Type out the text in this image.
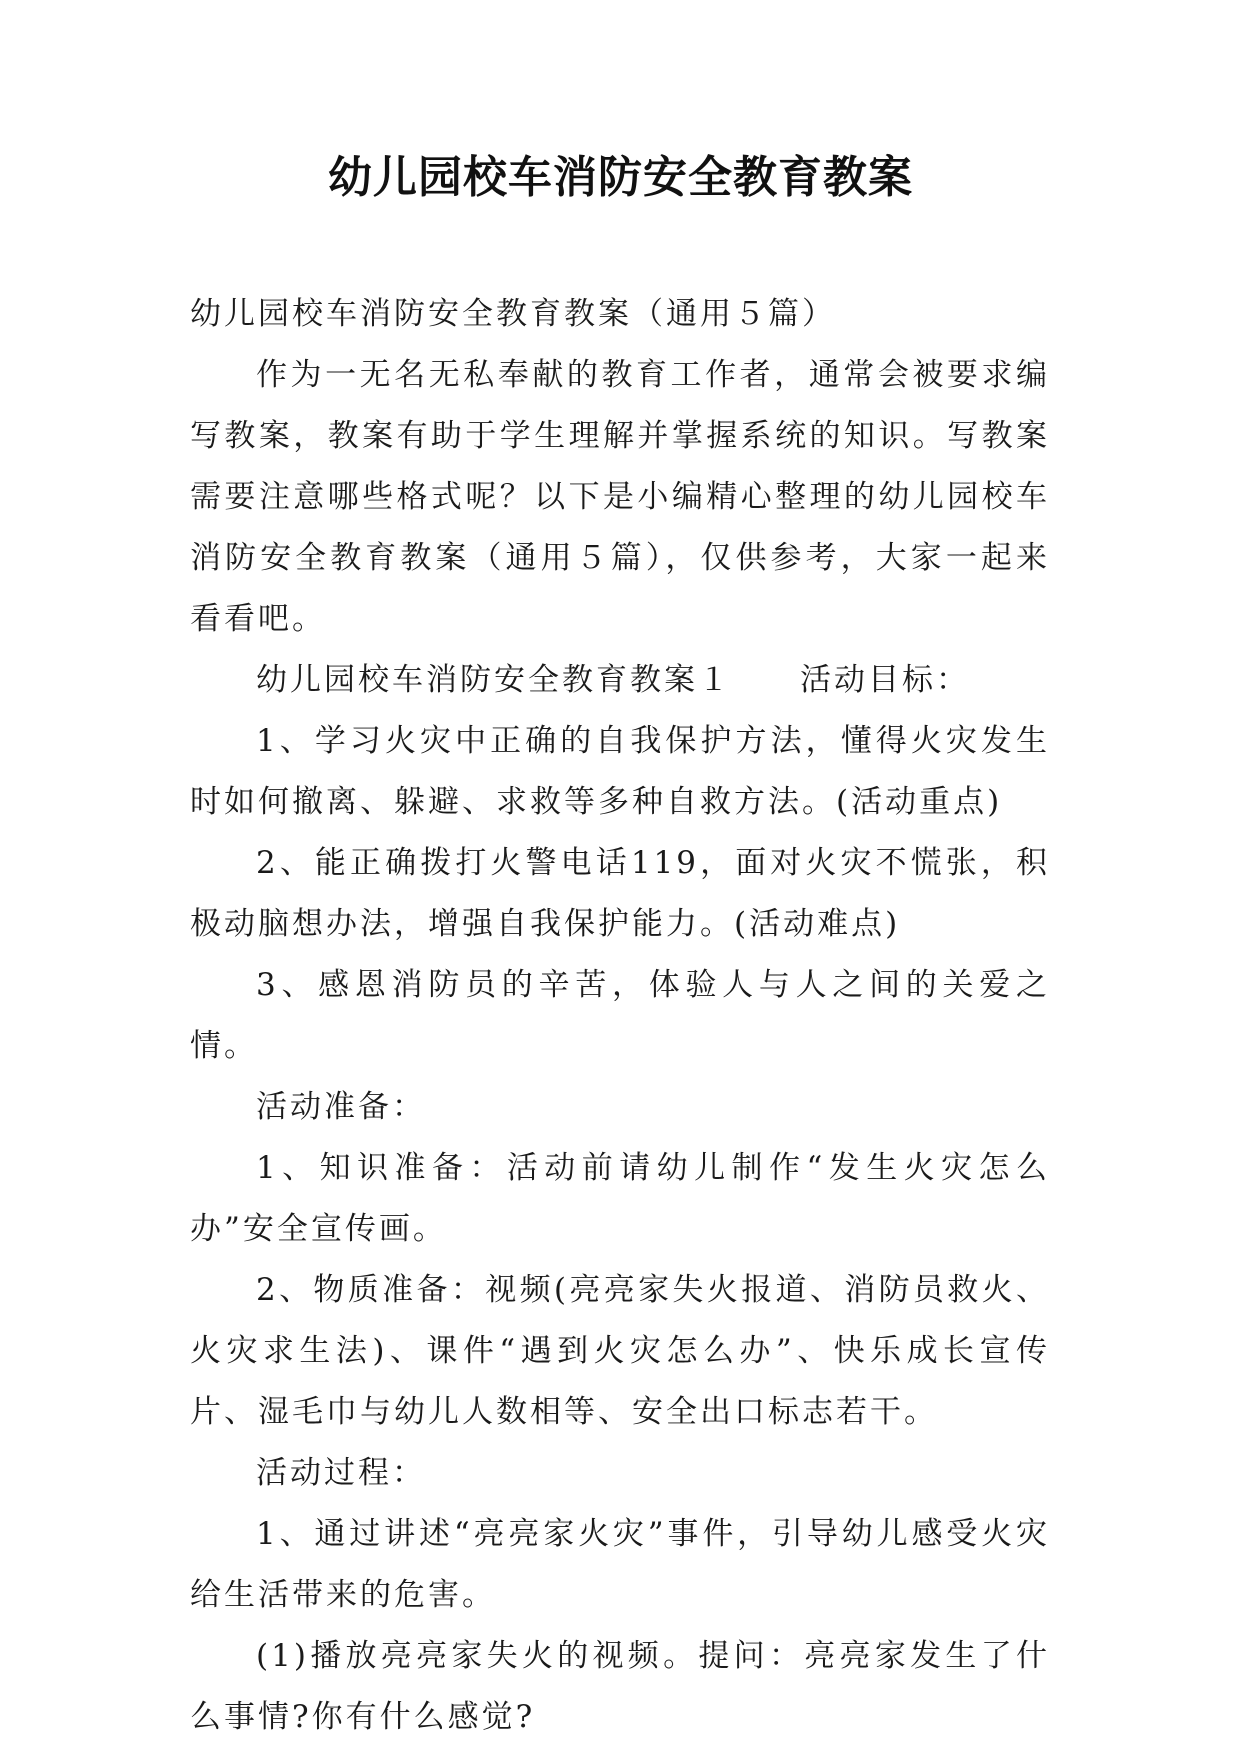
幼儿园校车消防安全教育教案

幼儿园校车消防安全教育教案（通用５篇）

作为一无名无私奉献的教育工作者，通常会被要求编写教案，教案有助于学生理解并掌握系统的知识。写教案需要注意哪些格式呢？以下是小编精心整理的幼儿园校车消防安全教育教案（通用５篇），仅供参考，大家一起来看看吧。

幼儿园校车消防安全教育教案１　　活动目标：

1、学习火灾中正确的自我保护方法，懂得火灾发生时如何撤离、躲避、求救等多种自救方法。(活动重点)

2、能正确拨打火警电话119，面对火灾不慌张，积极动脑想办法，增强自我保护能力。(活动难点)

3、感恩消防员的辛苦，体验人与人之间的关爱之情。

活动准备：

1、知识准备：活动前请幼儿制作“发生火灾怎么办”安全宣传画。

2、物质准备：视频(亮亮家失火报道、消防员救火、火灾求生法)、课件“遇到火灾怎么办”、快乐成长宣传片、湿毛巾与幼儿人数相等、安全出口标志若干。

活动过程：

1、通过讲述“亮亮家火灾”事件，引导幼儿感受火灾给生活带来的危害。

(1)播放亮亮家失火的视频。提问：亮亮家发生了什么事情?你有什么感觉?
